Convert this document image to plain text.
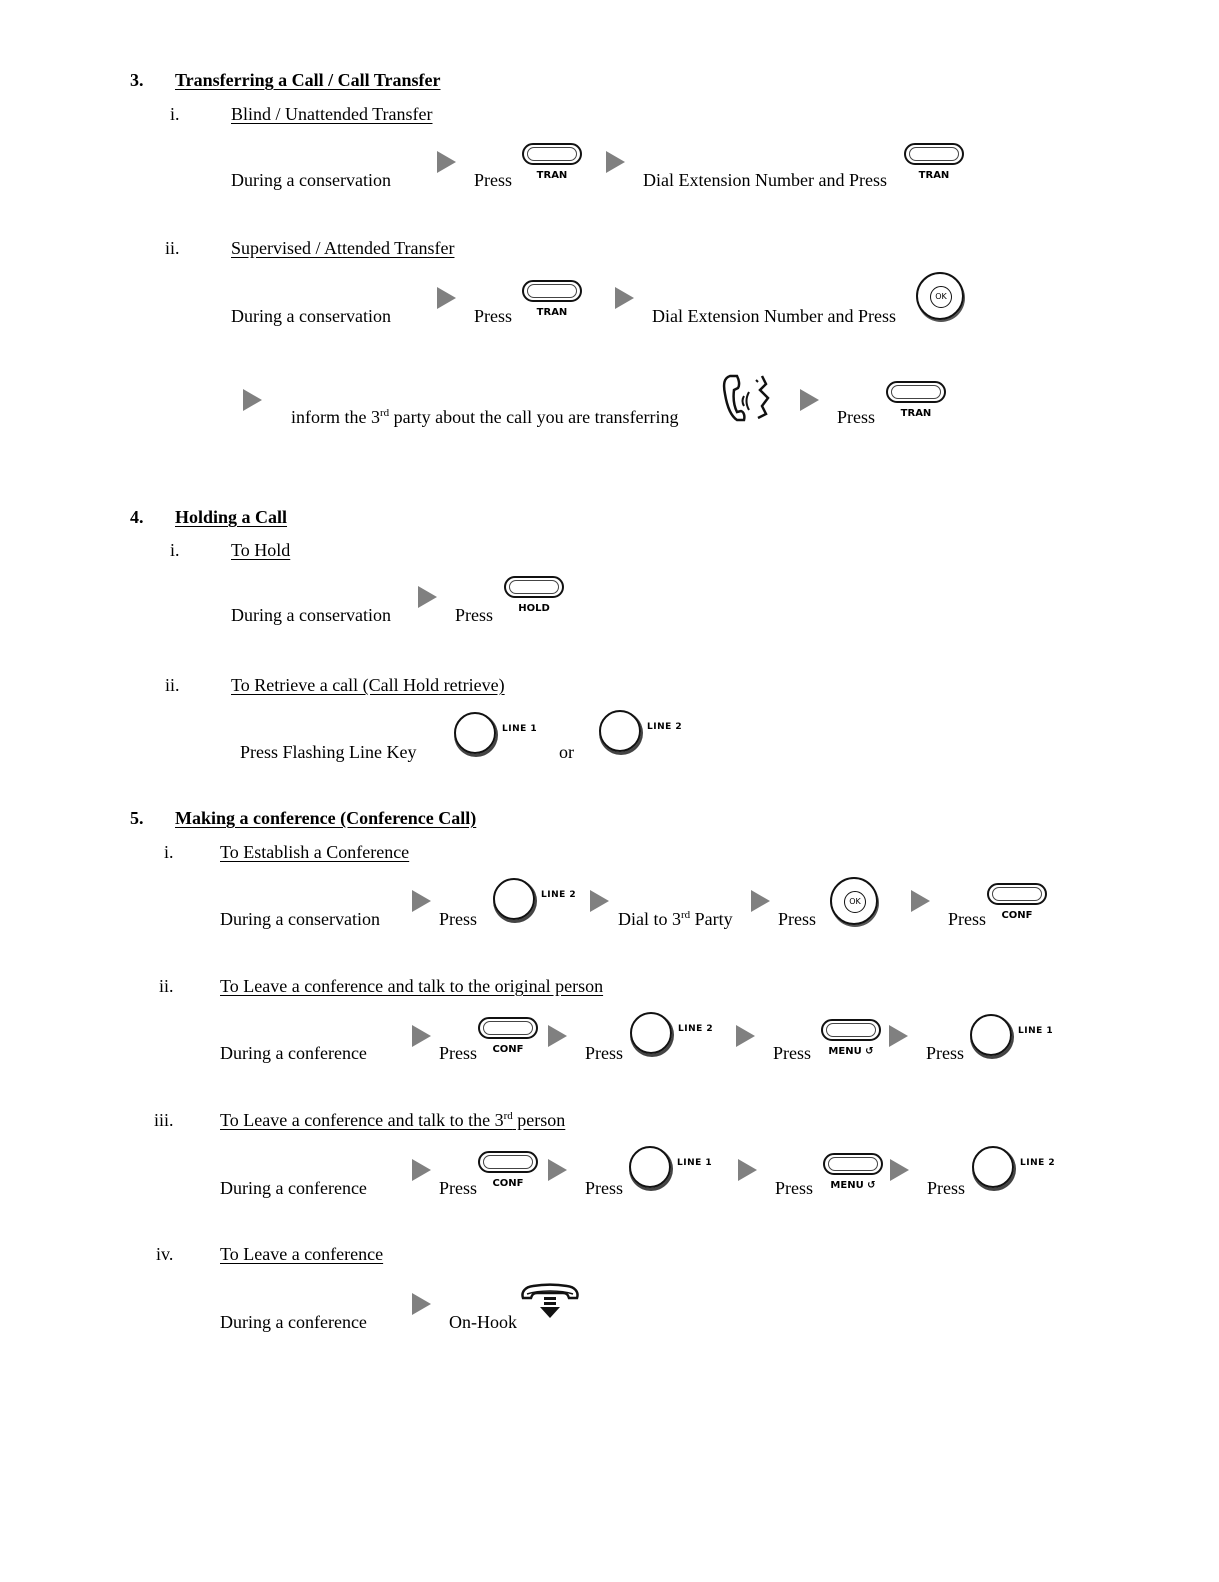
3. Transferring a Call / Call Transfer
i.	Blind / Unattended Transfer
During a conservation	Press	TRAN	Dial Extension Number and Press	TRAN
ii.	Supervised / Attended Transfer
During a conservation	Press	TRAN	Dial Extension Number and Press
OK
inform the 3rd party about the call you are transferring	Press	TRAN
4. Holding a Call
i.	To Hold
During a conservation	Press	HOLD
ii.	To Retrieve a call (Call Hold retrieve)
Press Flashing Line Key
LINE 1
or
LINE 2
5. Making a conference (Conference Call)
i.	To Establish a Conference
During a conservation	Press
LINE 2
Dial to 3rd Party	Press
OK
Press	CONF
ii.	To Leave a conference and talk to the original person
During a conference	Press	CONF	Press
LINE 2
Press	MENU ↺	Press
LINE 1
iii.	To Leave a conference and talk to the 3rd person
During a conference	Press	CONF	Press
LINE 1
Press	MENU ↺	Press
LINE 2
iv.	To Leave a conference
During a conference	On-Hook
